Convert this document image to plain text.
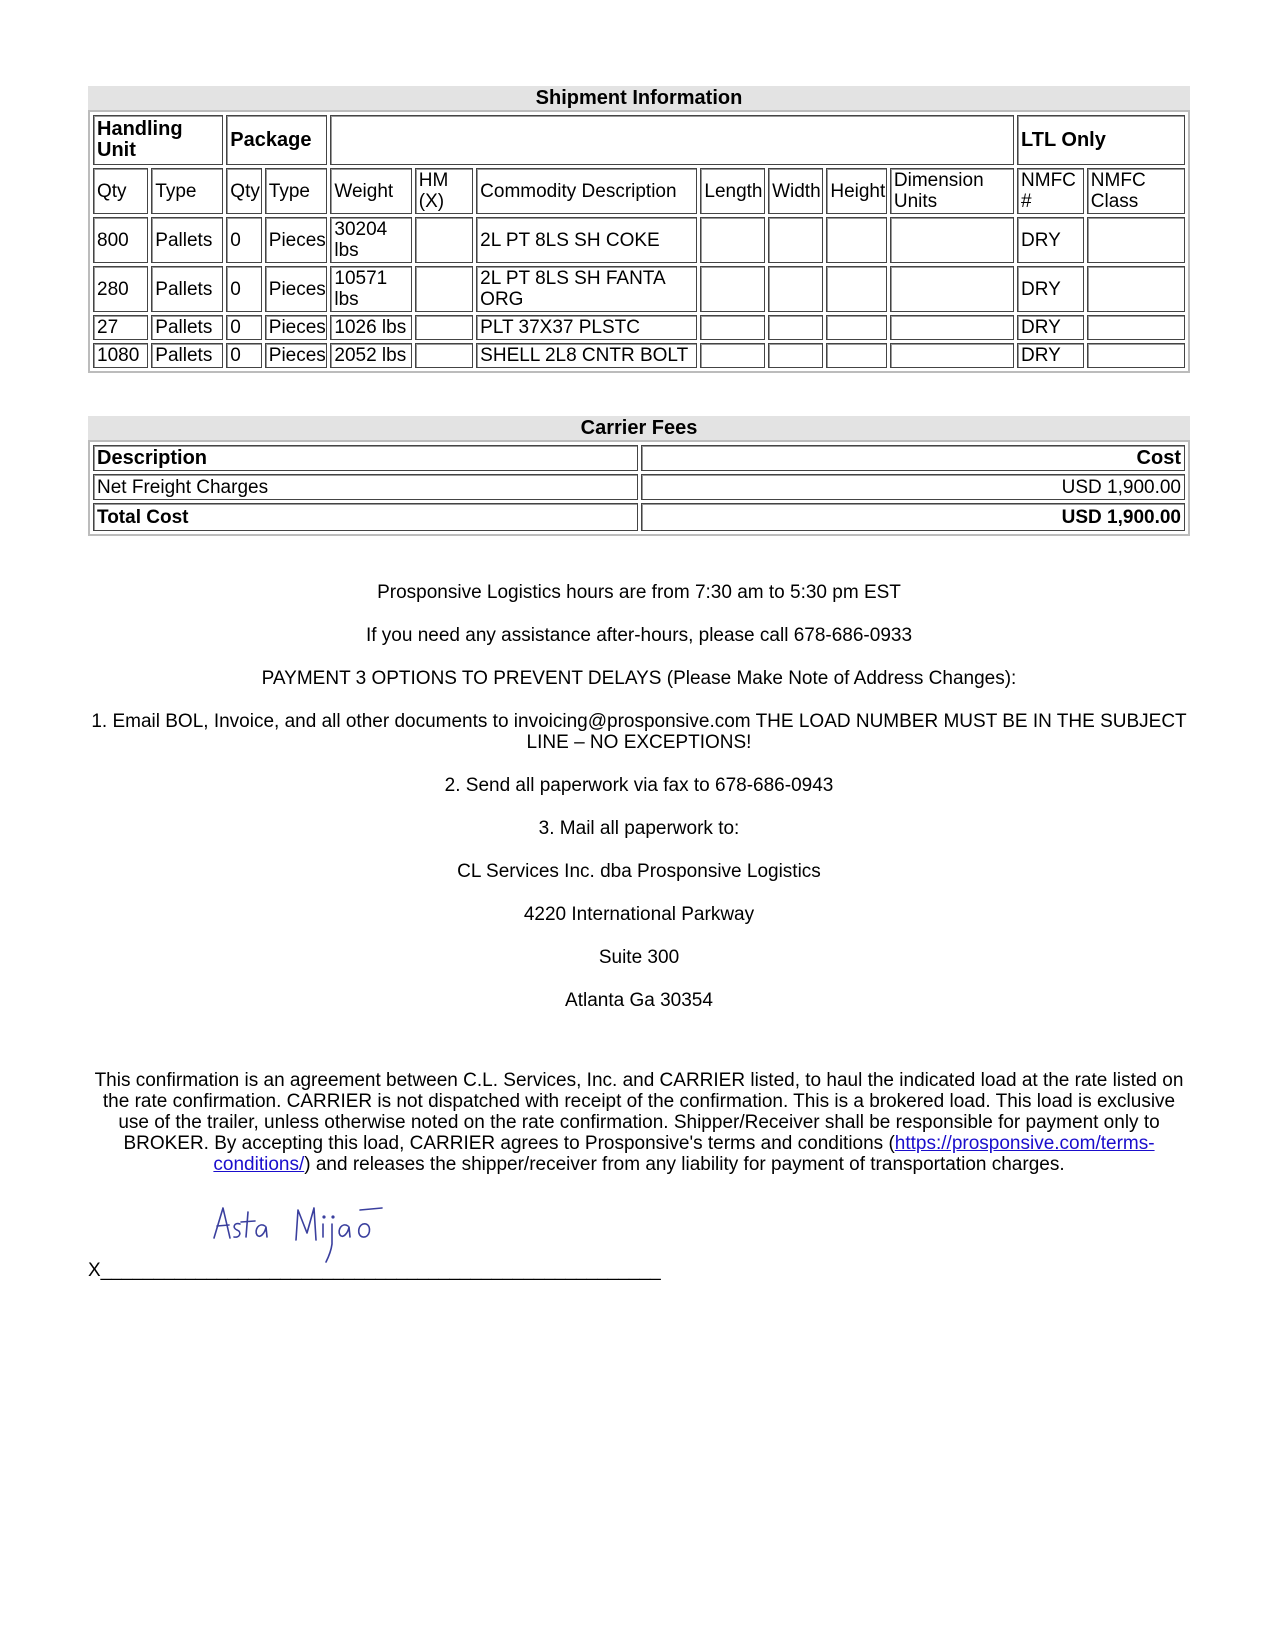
Shipment Information
Handling Unit		Package									LTL Only	
Qty	Type	Qty	Type	Weight	HM (X)	Commodity Description	Length	Width	Height	Dimension Units	NMFC #	NMFC Class
800	Pallets	0	Pieces	30204 lbs		2L PT 8LS SH COKE					DRY	
280	Pallets	0	Pieces	10571 lbs		2L PT 8LS SH FANTA ORG					DRY	
27	Pallets	0	Pieces	1026 lbs		PLT 37X37 PLSTC					DRY	
1080	Pallets	0	Pieces	2052 lbs		SHELL 2L8 CNTR BOLT					DRY	
Carrier Fees
Description	Cost
Net Freight Charges	USD 1,900.00
Total Cost	USD 1,900.00

Prosponsive Logistics hours are from 7:30 am to 5:30 pm EST

If you need any assistance after-hours, please call 678-686-0933

PAYMENT 3 OPTIONS TO PREVENT DELAYS (Please Make Note of Address Changes):

1. Email BOL, Invoice, and all other documents to invoicing@prosponsive.com THE LOAD NUMBER MUST BE IN THE SUBJECT LINE – NO EXCEPTIONS!

2. Send all paperwork via fax to 678-686-0943

3. Mail all paperwork to:

CL Services Inc. dba Prosponsive Logistics

4220 International Parkway

Suite 300

Atlanta Ga 30354

This confirmation is an agreement between C.L. Services, Inc. and CARRIER listed, to haul the indicated load at the rate listed on the rate confirmation. CARRIER is not dispatched with receipt of the confirmation. This is a brokered load. This load is exclusive use of the trailer, unless otherwise noted on the rate confirmation. Shipper/Receiver shall be responsible for payment only to BROKER. By accepting this load, CARRIER agrees to Prosponsive's terms and conditions (https://prosponsive.com/terms-conditions/) and releases the shipper/receiver from any liability for payment of transportation charges.
X_____________________________________________________
